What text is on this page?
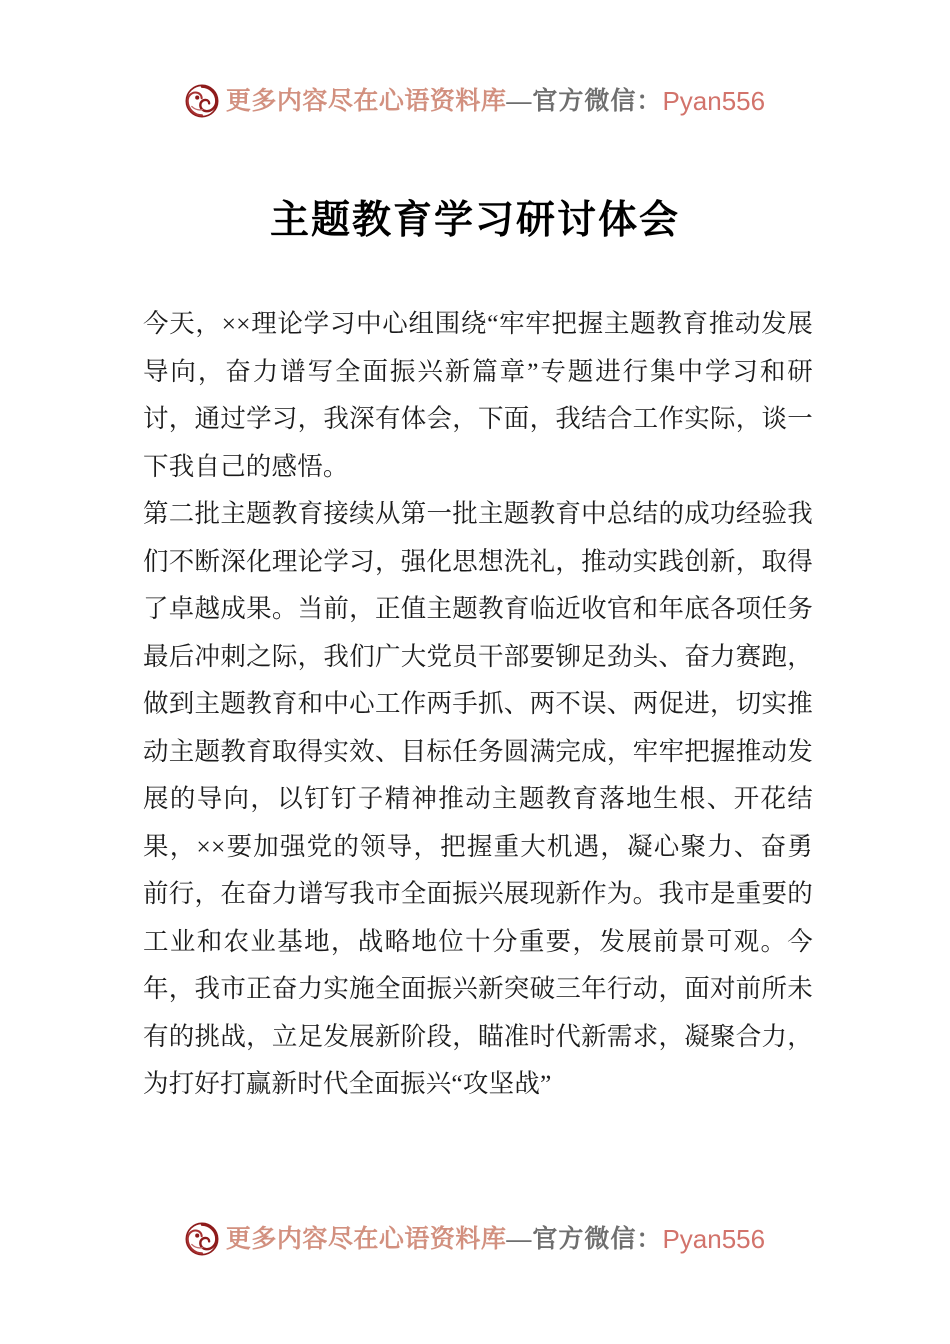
更多内容尽在心语资料库 —官方微信： Pyan556
主题教育学习研讨体会

今天，××理论学习中心组围绕“牢牢把握主题教育推动发展导向，奋力谱写全面振兴新篇章”专题进行集中学习和研讨，通过学习，我深有体会，下面，我结合工作实际，谈一下我自己的感悟。

第二批主题教育接续从第一批主题教育中总结的成功经验我们不断深化理论学习，强化思想洗礼，推动实践创新，取得了卓越成果。当前，正值主题教育临近收官和年底各项任务最后冲刺之际，我们广大党员干部要铆足劲头、奋力赛跑，做到主题教育和中心工作两手抓、两不误、两促进，切实推动主题教育取得实效、目标任务圆满完成，牢牢把握推动发展的导向，以钉钉子精神推动主题教育落地生根、开花结果，××要加强党的领导，把握重大机遇，凝心聚力、奋勇前行，在奋力谱写我市全面振兴展现新作为。我市是重要的工业和农业基地，战略地位十分重要，发展前景可观。今年，我市正奋力实施全面振兴新突破三年行动，面对前所未有的挑战，立足发展新阶段，瞄准时代新需求，凝聚合力，为打好打赢新时代全面振兴“攻坚战”

更多内容尽在心语资料库 —官方微信： Pyan556
